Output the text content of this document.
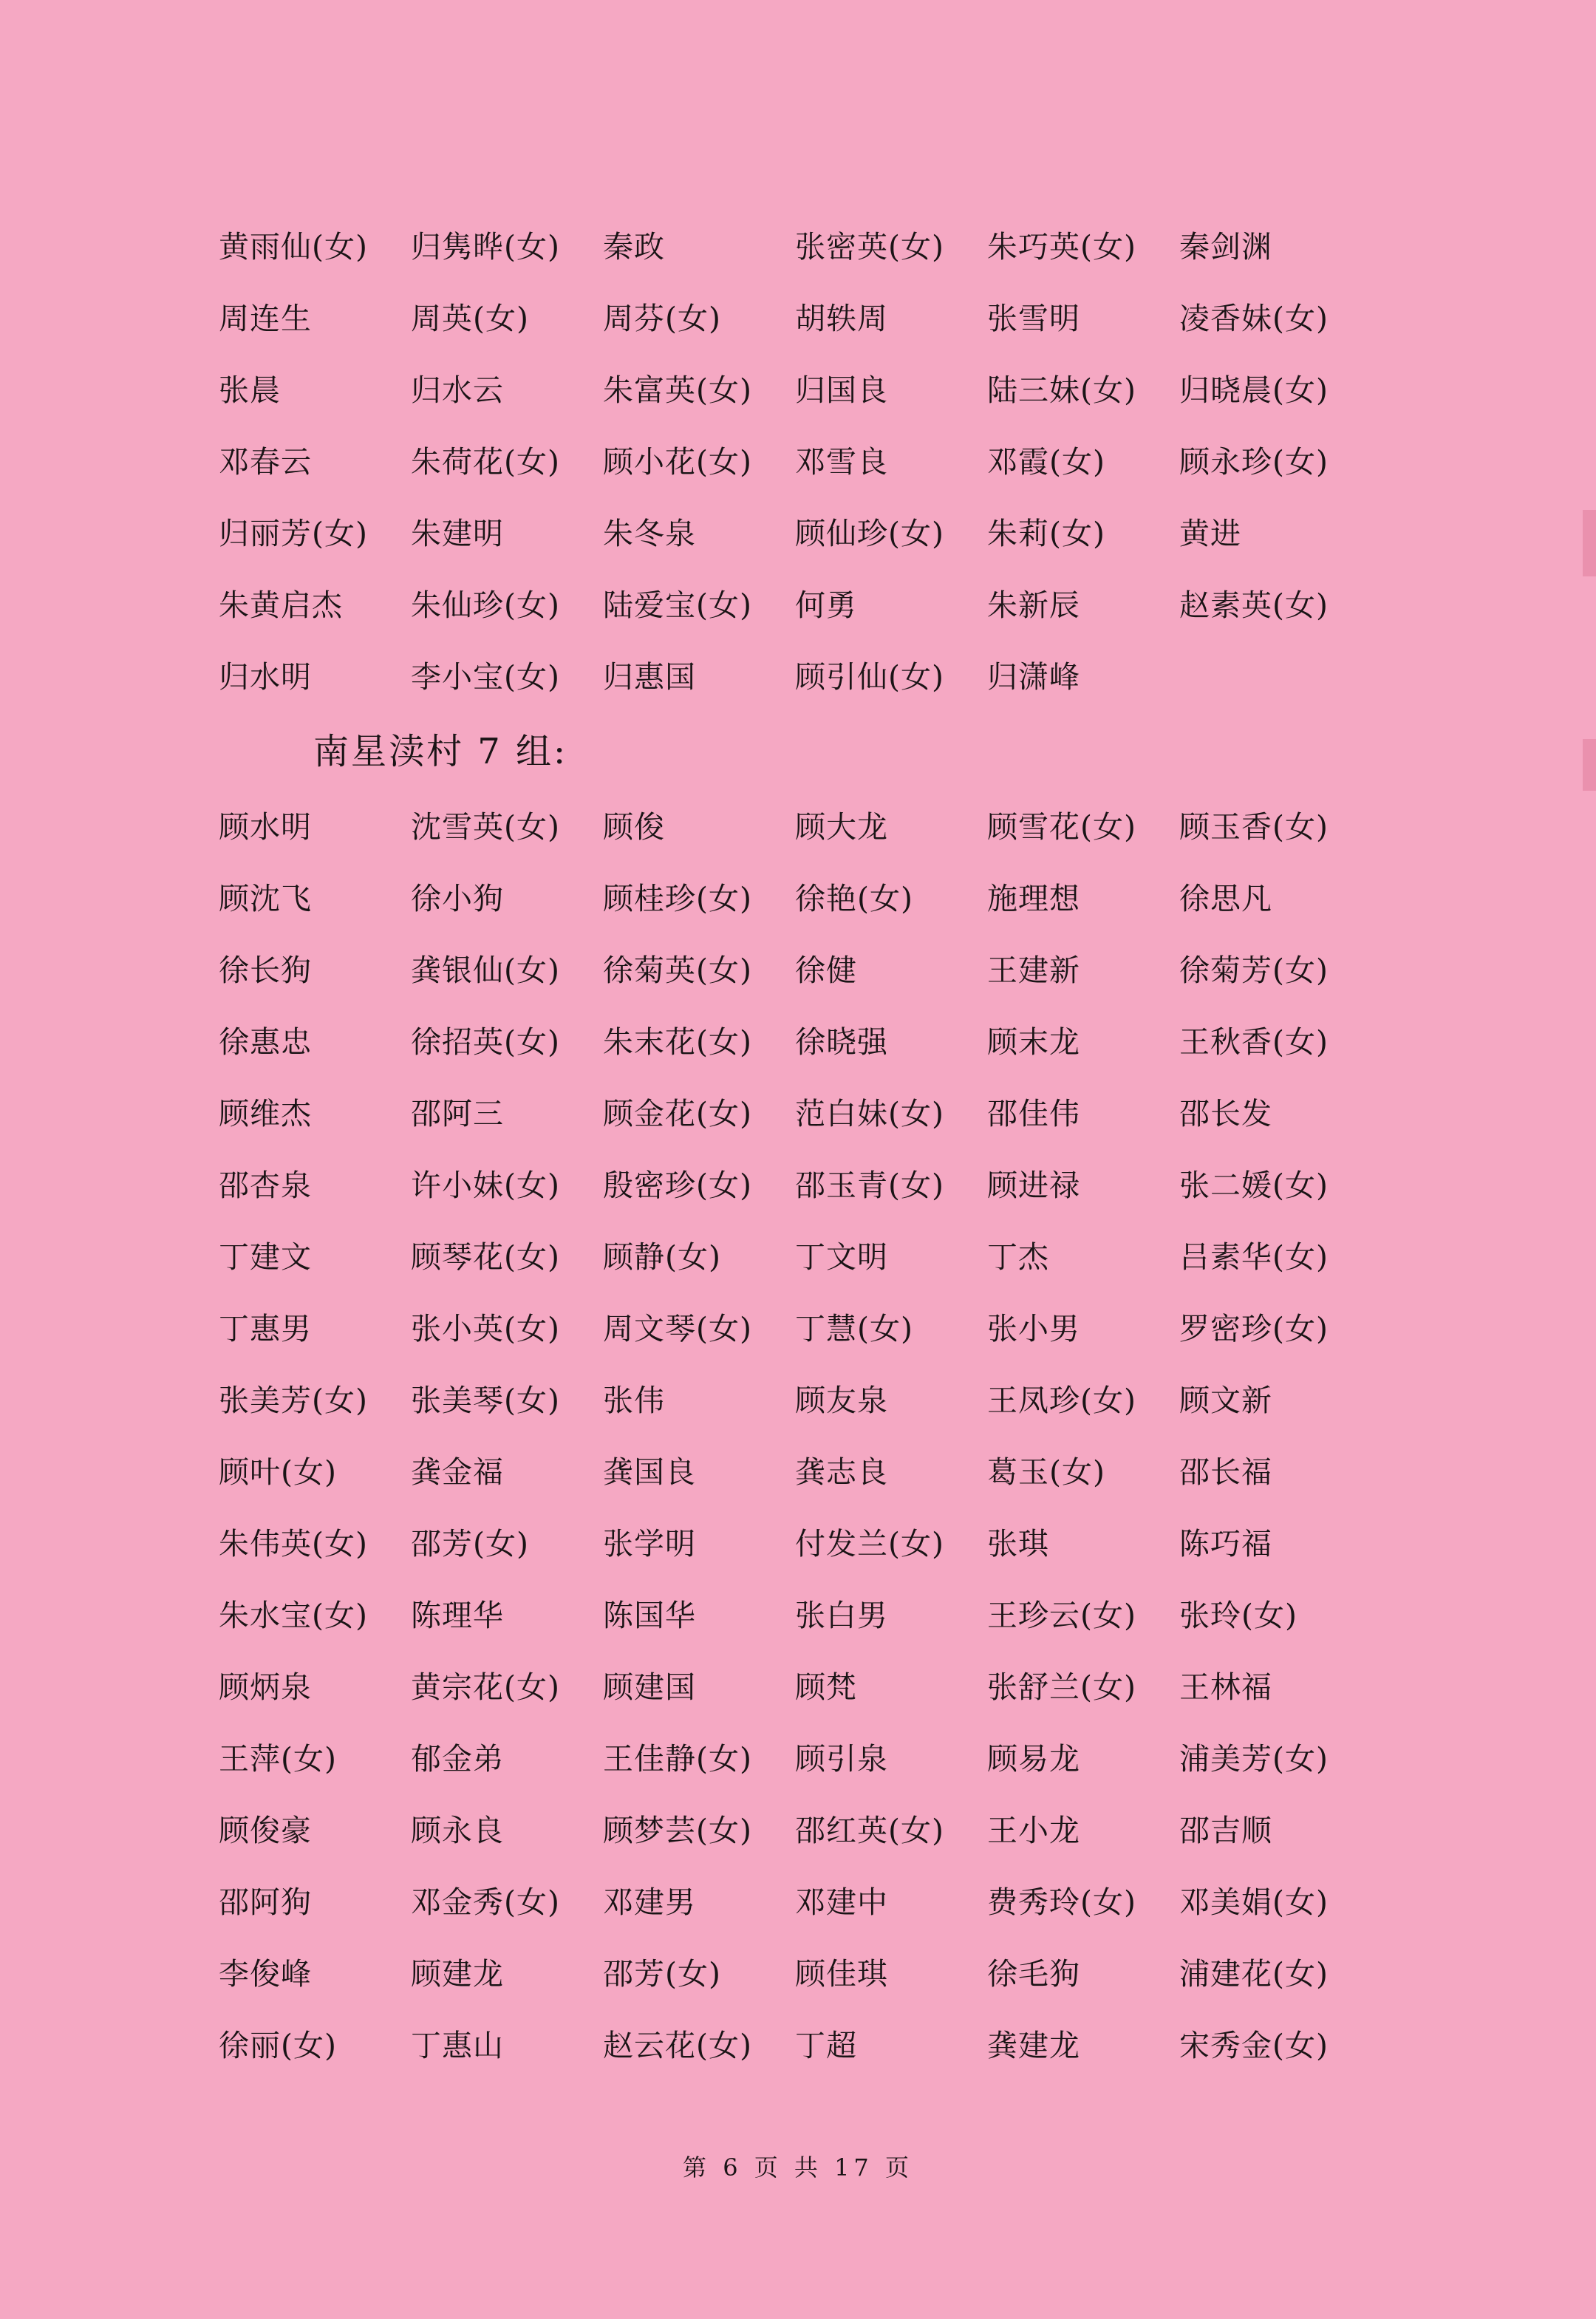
黄雨仙(女)	归隽晔(女)	秦政	张密英(女)	朱巧英(女)	秦剑渊
周连生	周英(女)	周芬(女)	胡轶周	张雪明	凌香妹(女)
张晨	归水云	朱富英(女)	归国良	陆三妹(女)	归晓晨(女)
邓春云	朱荷花(女)	顾小花(女)	邓雪良	邓霞(女)	顾永珍(女)
归丽芳(女)	朱建明	朱冬泉	顾仙珍(女)	朱莉(女)	黄进
朱黄启杰	朱仙珍(女)	陆爱宝(女)	何勇	朱新辰	赵素英(女)
归水明	李小宝(女)	归惠国	顾引仙(女)	归潇峰
南星渎村 7 组:
顾水明	沈雪英(女)	顾俊	顾大龙	顾雪花(女)	顾玉香(女)
顾沈飞	徐小狗	顾桂珍(女)	徐艳(女)	施理想	徐思凡
徐长狗	龚银仙(女)	徐菊英(女)	徐健	王建新	徐菊芳(女)
徐惠忠	徐招英(女)	朱末花(女)	徐晓强	顾末龙	王秋香(女)
顾维杰	邵阿三	顾金花(女)	范白妹(女)	邵佳伟	邵长发
邵杏泉	许小妹(女)	殷密珍(女)	邵玉青(女)	顾进禄	张二媛(女)
丁建文	顾琴花(女)	顾静(女)	丁文明	丁杰	吕素华(女)
丁惠男	张小英(女)	周文琴(女)	丁慧(女)	张小男	罗密珍(女)
张美芳(女)	张美琴(女)	张伟	顾友泉	王凤珍(女)	顾文新
顾叶(女)	龚金福	龚国良	龚志良	葛玉(女)	邵长福
朱伟英(女)	邵芳(女)	张学明	付发兰(女)	张琪	陈巧福
朱水宝(女)	陈理华	陈国华	张白男	王珍云(女)	张玲(女)
顾炳泉	黄宗花(女)	顾建国	顾梵	张舒兰(女)	王林福
王萍(女)	郁金弟	王佳静(女)	顾引泉	顾易龙	浦美芳(女)
顾俊豪	顾永良	顾梦芸(女)	邵红英(女)	王小龙	邵吉顺
邵阿狗	邓金秀(女)	邓建男	邓建中	费秀玲(女)	邓美娟(女)
李俊峰	顾建龙	邵芳(女)	顾佳琪	徐毛狗	浦建花(女)
徐丽(女)	丁惠山	赵云花(女)	丁超	龚建龙	宋秀金(女)
第 6 页 共 17 页
